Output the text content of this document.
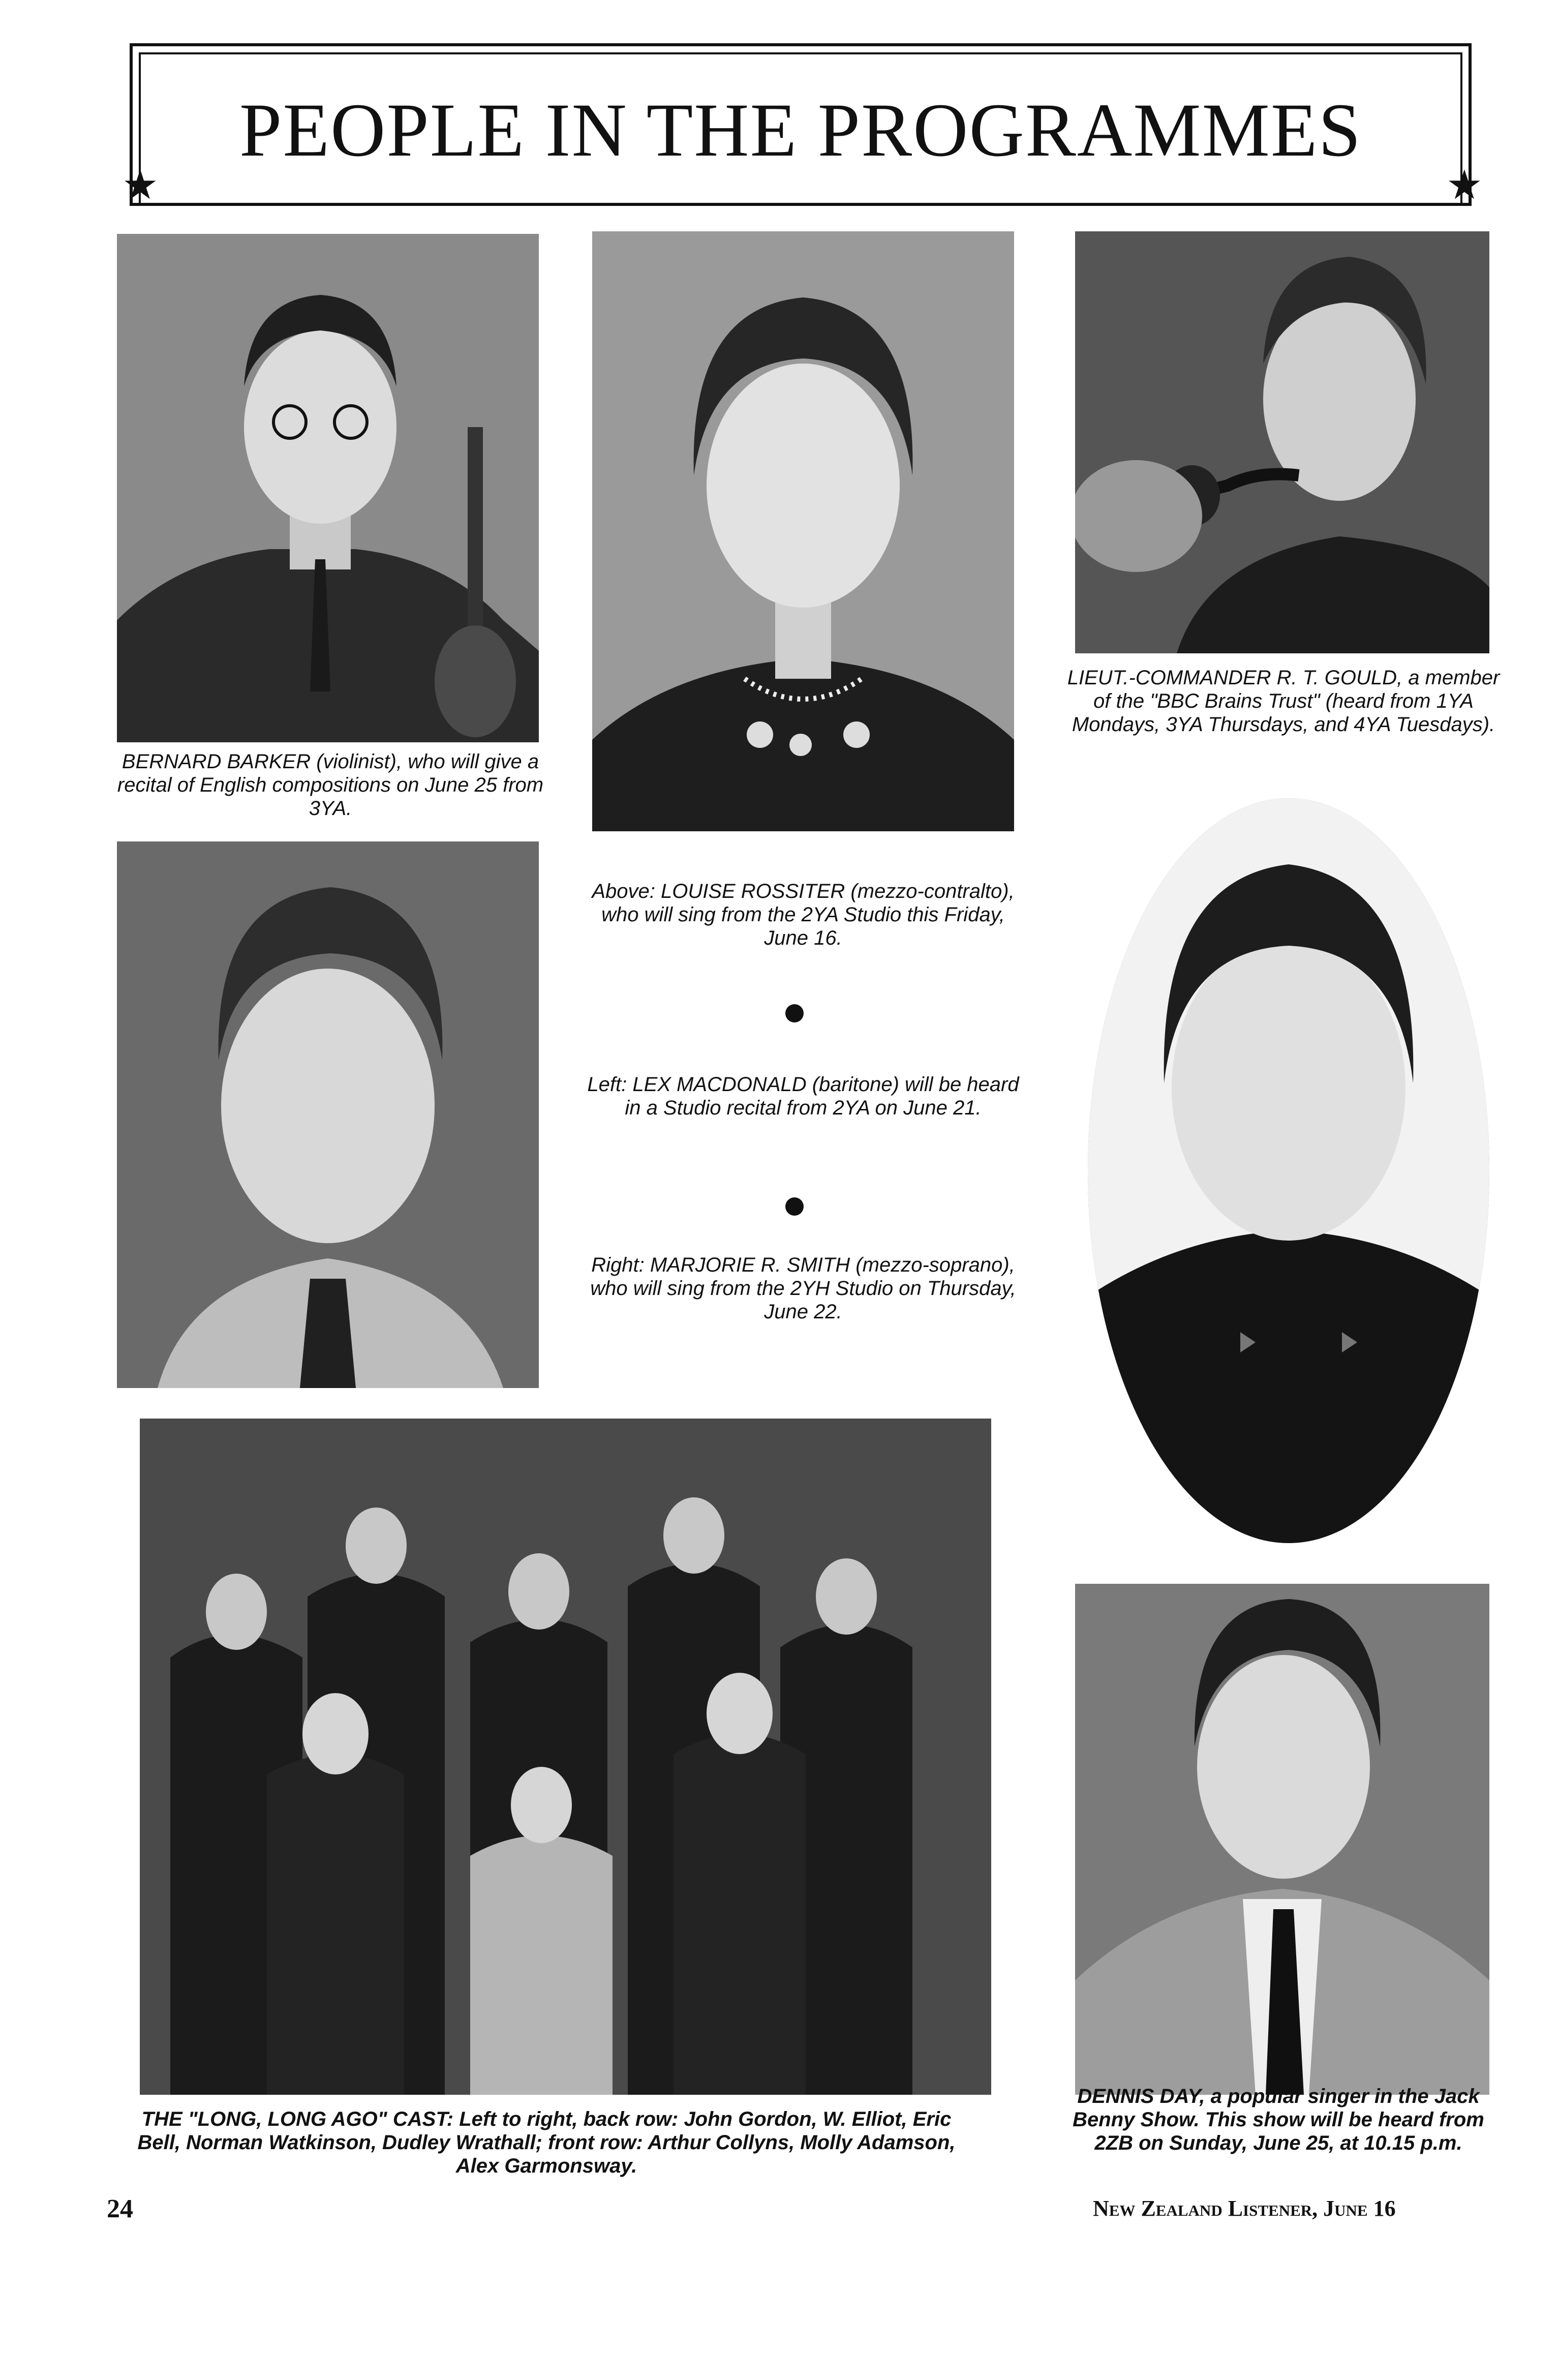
PEOPLE IN THE PROGRAMMES
★	★
BERNARD BARKER (violinist), who will give a recital of English compositions on June 25 from 3YA.
LIEUT.-COMMANDER R. T. GOULD, a member of the "BBC Brains Trust" (heard from 1YA Mondays, 3YA Thursdays, and 4YA Tuesdays).
Above: LOUISE ROSSITER (mezzo-contralto), who will sing from the 2YA Studio this Friday, June 16.
Left: LEX MACDONALD (baritone) will be heard in a Studio recital from 2YA on June 21.
Right: MARJORIE R. SMITH (mezzo-soprano), who will sing from the 2YH Studio on Thursday, June 22.
THE "LONG, LONG AGO" CAST: Left to right, back row: John Gordon, W. Elliot, Eric Bell, Norman Watkinson, Dudley Wrathall; front row: Arthur Collyns, Molly Adamson, Alex Garmonsway.
DENNIS DAY, a popular singer in the Jack Benny Show. This show will be heard from 2ZB on Sunday, June 25, at 10.15 p.m.
24	New Zealand Listener, June 16
